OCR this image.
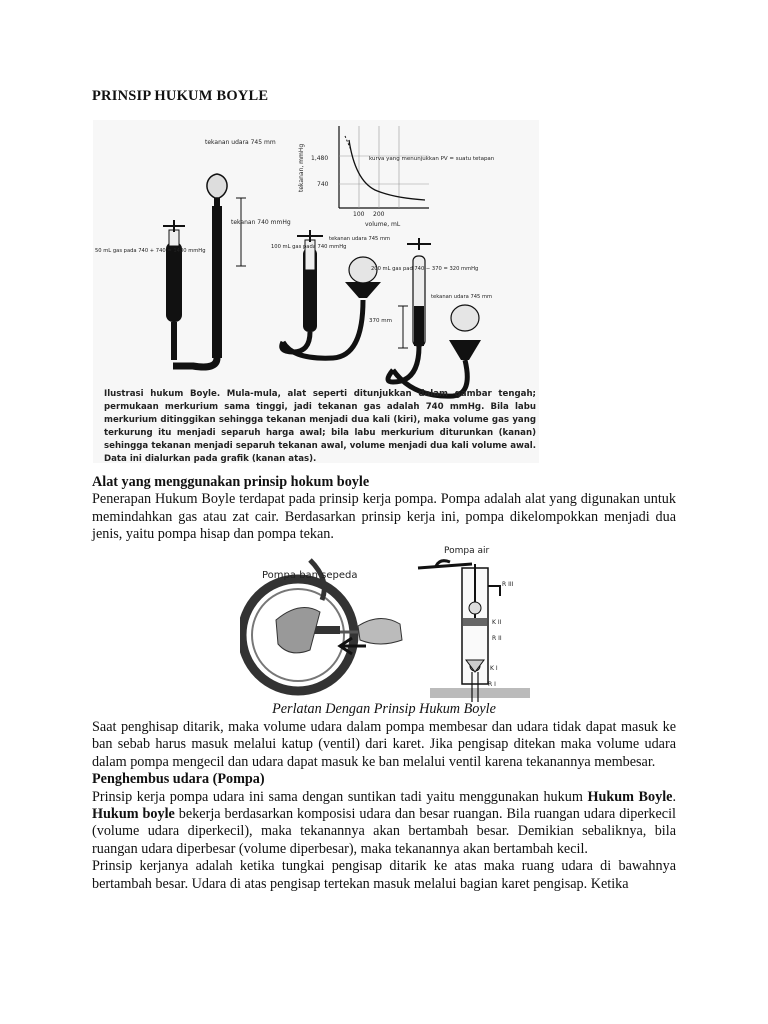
PRINSIP HUKUM BOYLE
tekanan udara 745 mm
tekanan 740 mmHg
50 mL gas pada 740 + 740 = 1480 mmHg
100 mL gas pada 740 mmHg
tekanan udara 745 mm
200 mL gas pad 740 − 370 = 320 mmHg
370 mm
tekanan udara 745 mm
1,480
740
100 200
volume, mL
tekanan, mmHg	kurva yang menunjukkan PV = suatu tetapan
Ilustrasi hukum Boyle. Mula-mula, alat seperti ditunjukkan dalam gambar tengah; permukaan merkurium sama tinggi, jadi tekanan gas adalah 740 mmHg. Bila labu merkurium ditinggikan sehingga tekanan menjadi dua kali (kiri), maka volume gas yang terkurung itu menjadi separuh harga awal; bila labu merkurium diturunkan (kanan) sehingga tekanan menjadi separuh tekanan awal, volume menjadi dua kali volume awal. Data ini dialurkan pada grafik (kanan atas).

Alat yang menggunakan prinsip hokum boyle

Penerapan Hukum Boyle terdapat pada prinsip kerja pompa. Pompa adalah alat yang digunakan untuk memindahkan gas atau zat cair. Berdasarkan prinsip kerja ini, pompa dikelompokkan menjadi dua jenis, yaitu pompa hisap dan pompa tekan.

Pompa ban sepeda
Pompa air
R III
K II
R II
K I
R I
Perlatan Dengan Prinsip Hukum Boyle

Saat penghisap ditarik, maka volume udara dalam pompa membesar dan udara tidak dapat masuk ke ban sebab harus masuk melalui katup (ventil) dari karet. Jika pengisap ditekan maka volume udara dalam pompa mengecil dan udara dapat masuk ke ban melalui ventil karena tekanannya membesar.

Penghembus udara (Pompa)

Prinsip kerja pompa udara ini sama dengan suntikan tadi yaitu menggunakan hukum Hukum Boyle. Hukum boyle bekerja berdasarkan komposisi udara dan besar ruangan. Bila ruangan udara diperkecil (volume udara diperkecil), maka tekanannya akan bertambah besar. Demikian sebaliknya, bila ruangan udara diperbesar (volume diperbesar), maka tekanannya akan bertambah kecil.

Prinsip kerjanya adalah ketika tungkai pengisap ditarik ke atas maka ruang udara di bawahnya bertambah besar. Udara di atas pengisap tertekan masuk melalui bagian karet pengisap. Ketika
